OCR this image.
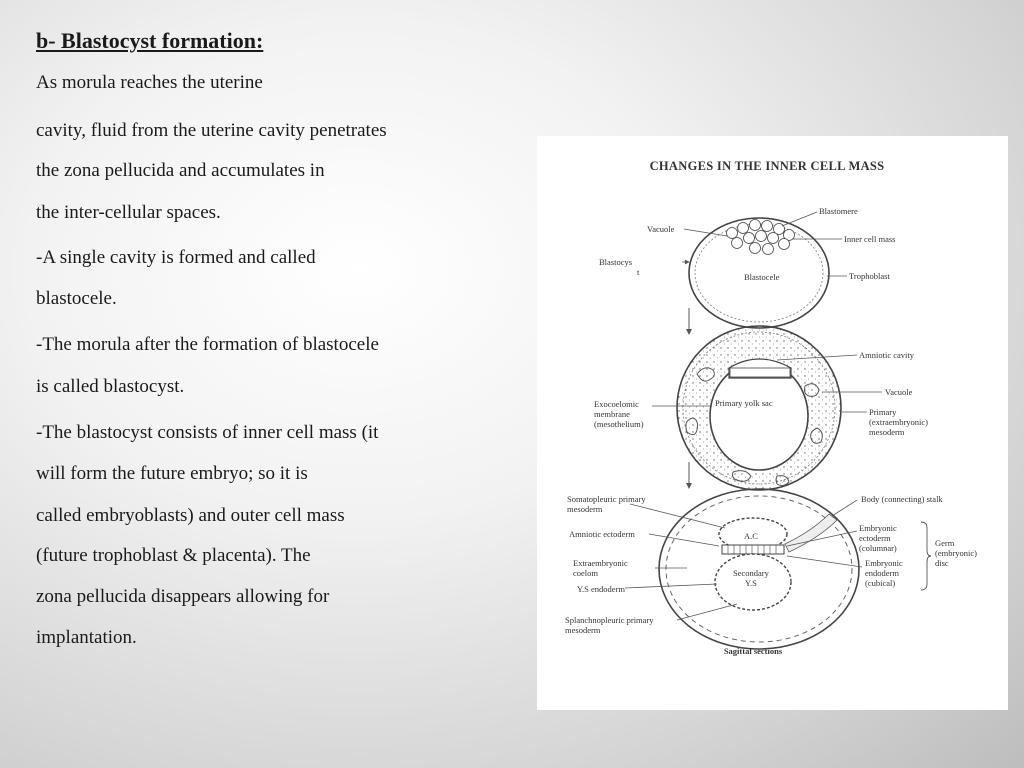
b- Blastocyst formation:

As morula reaches the uterine

cavity, fluid from the uterine cavity penetrates

the zona pellucida and accumulates in

the inter-cellular spaces.

-A single cavity is formed and called

blastocele.

-The morula after the formation of blastocele

is called blastocyst.

-The blastocyst consists of inner cell mass (it

will form the future embryo; so it is

called embryoblasts) and outer cell mass

(future trophoblast & placenta). The

zona pellucida disappears allowing for

implantation.

CHANGES IN THE INNER CELL MASS
Blastomere
Vacuole
Inner cell mass
Blastocys
t	Blastocele	Trophoblast
Amniotic cavity
Vacuole
Exocoelomic
membrane
(mesothelium)
Primary yolk sac
Primary
(extraembryonic)
mesoderm
Somatopleuric primary
mesoderm
Body (connecting) stalk
Amniotic ectoderm	A.C
Embryonic
ectoderm
(columnar)	Germ
(embryonic)
disc
Extraembryonic
coelom	Secondary
Y.S
Embryonic
endoderm
(cubical)
Y.S endoderm
Splanchnopleuric primary
mesoderm
Sagittal sections
